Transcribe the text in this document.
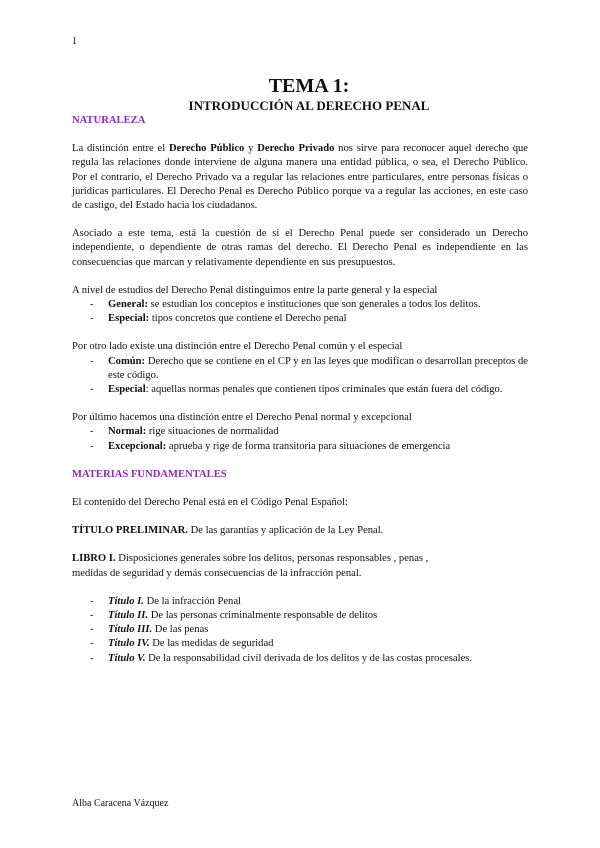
1
TEMA 1:
INTRODUCCIÓN AL DERECHO PENAL
NATURALEZA

La distinción entre el Derecho Público y Derecho Privado nos sirve para reconocer aquel derecho que regula las relaciones donde interviene de alguna manera una entidad pública, o sea, el Derecho Público. Por el contrario, el Derecho Privado va a regular las relaciones entre particulares, entre personas físicas o jurídicas particulares. El Derecho Penal es Derecho Público porque va a regular las acciones, en este caso de castigo, del Estado hacia los ciudadanos.

Asociado a este tema, está la cuestión de si el Derecho Penal puede ser considerado un Derecho independiente, o dependiente de otras ramas del derecho. El Derecho Penal es independiente en las consecuencias que marcan y relativamente dependiente en sus presupuestos.

A nivel de estudios del Derecho Penal distinguimos entre la parte general y la especial

- General: se estudian los conceptos e instituciones que son generales a todos los delitos.
- Especial: tipos concretos que contiene el Derecho penal

Por otro lado existe una distinción entre el Derecho Penal común y el especial

- Común: Derecho que se contiene en el CP y en las leyes que modifican o desarrollan preceptos de este código.
- Especial: aquellas normas penales que contienen tipos criminales que están fuera del código.

Por último hacemos una distinción entre el Derecho Penal normal y excepcional

- Normal: rige situaciones de normalidad
- Excepcional: aprueba y rige de forma transitoria para situaciones de emergencia
MATERIAS FUNDAMENTALES

El contenido del Derecho Penal está en el Código Penal Español:

TÍTULO PRELIMINAR. De las garantías y aplicación de la Ley Penal.

LIBRO I. Disposiciones generales sobre los delitos, personas responsables , penas ,
medidas de seguridad y demás consecuencias de la infracción penal.

- Título I. De la infracción Penal
- Título II. De las personas criminalmente responsable de delitos
- Título III. De las penas
- Título IV. De las medidas de seguridad
- Título V. De la responsabilidad civil derivada de los delitos y de las costas procesales.
Alba Caracena Vázquez
